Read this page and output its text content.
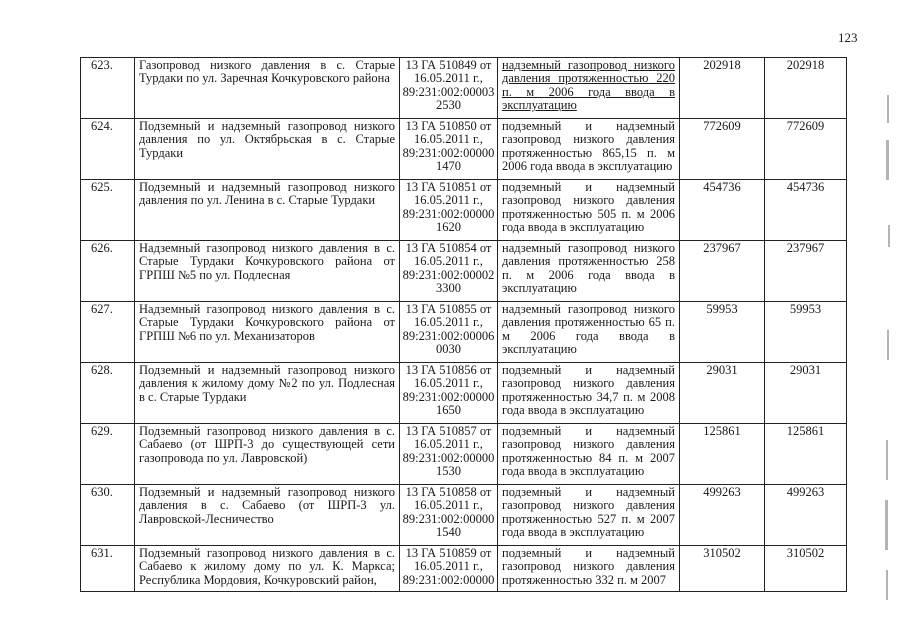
123
623.	Газопровод низкого давления в с. Старые Турдаки по ул. Заречная Кочкуровского района	13 ГА 510849 от
16.05.2011 г.,
89:231:002:00003
2530	надземный газопровод низкого давления протяженностью 220 п. м 2006 года ввода в эксплуатацию	202918	202918
624.	Подземный и надземный газопровод низкого давления по ул. Октябрьская в с. Старые Турдаки	13 ГА 510850 от
16.05.2011 г.,
89:231:002:00000
1470	подземный и надземный газопровод низкого давления протяженностью 865,15 п. м 2006 года ввода в эксплуатацию	772609	772609
625.	Подземный и надземный газопровод низкого давления по ул. Ленина в с. Старые Турдаки	13 ГА 510851 от
16.05.2011 г.,
89:231:002:00000
1620	подземный и надземный газопровод низкого давления протяженностью 505 п. м 2006 года ввода в эксплуатацию	454736	454736
626.	Надземный газопровод низкого давления в с. Старые Турдаки Кочкуровского района от ГРПШ №5 по ул. Подлесная	13 ГА 510854 от
16.05.2011 г.,
89:231:002:00002
3300	надземный газопровод низкого давления протяженностью 258 п. м 2006 года ввода в эксплуатацию	237967	237967
627.	Надземный газопровод низкого давления в с. Старые Турдаки Кочкуровского района от ГРПШ №6 по ул. Механизаторов	13 ГА 510855 от
16.05.2011 г.,
89:231:002:00006
0030	надземный газопровод низкого давления протяженностью 65 п. м 2006 года ввода в эксплуатацию	59953	59953
628.	Подземный и надземный газопровод низкого давления к жилому дому №2 по ул. Подлесная в с. Старые Турдаки	13 ГА 510856 от
16.05.2011 г.,
89:231:002:00000
1650	подземный и надземный газопровод низкого давления протяженностью 34,7 п. м 2008 года ввода в эксплуатацию	29031	29031
629.	Подземный газопровод низкого давления в с. Сабаево (от ШРП-3 до существующей сети газопровода по ул. Лавровской)	13 ГА 510857 от
16.05.2011 г.,
89:231:002:00000
1530	подземный и надземный газопровод низкого давления протяженностью 84 п. м 2007 года ввода в эксплуатацию	125861	125861
630.	Подземный и надземный газопровод низкого давления в с. Сабаево (от ШРП-3 ул. Лавровской-Лесничество	13 ГА 510858 от
16.05.2011 г.,
89:231:002:00000
1540	подземный и надземный газопровод низкого давления протяженностью 527 п. м 2007 года ввода в эксплуатацию	499263	499263
631.	Подземный газопровод низкого давления в с. Сабаево к жилому дому по ул. К. Маркса; Республика Мордовия, Кочкуровский район,	13 ГА 510859 от
16.05.2011 г.,
89:231:002:00000	подземный и надземный газопровод низкого давления протяженностью 332 п. м 2007	310502	310502
